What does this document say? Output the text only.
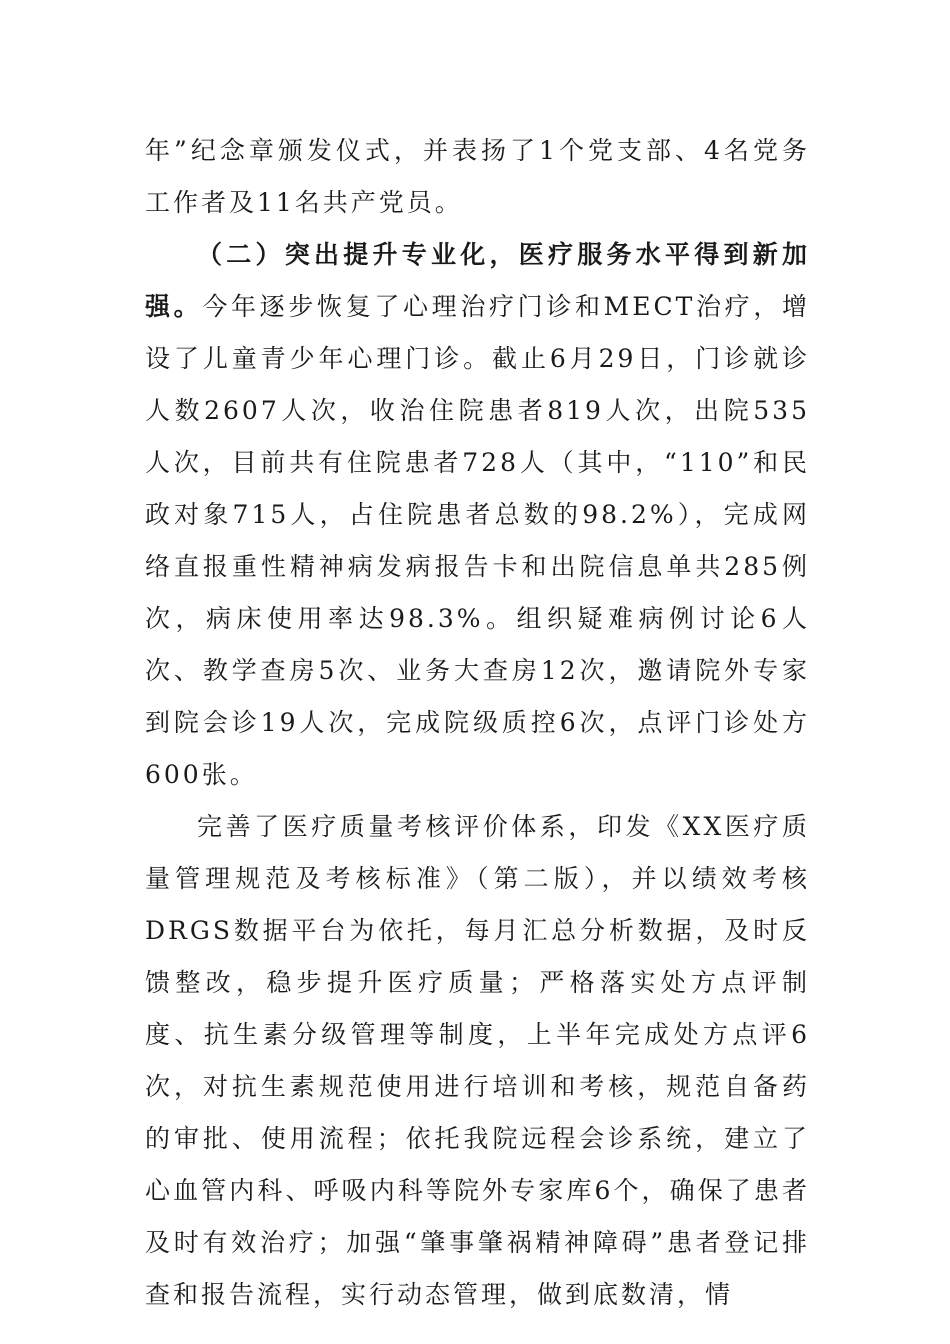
年”纪念章颁发仪式，并表扬了1个党支部、4名党务工作者及11名共产党员。

（二）突出提升专业化，医疗服务水平得到新加强。今年逐步恢复了心理治疗门诊和MECT治疗，增设了儿童青少年心理门诊。截止6月29日，门诊就诊人数2607人次，收治住院患者819人次，出院535人次，目前共有住院患者728人（其中，“110”和民政对象715人，占住院患者总数的98.2%），完成网络直报重性精神病发病报告卡和出院信息单共285例次，病床使用率达98.3%。组织疑难病例讨论6人次、教学查房5次、业务大查房12次，邀请院外专家到院会诊19人次，完成院级质控6次，点评门诊处方600张。

完善了医疗质量考核评价体系，印发《XX医疗质量管理规范及考核标准》（第二版），并以绩效考核DRGS数据平台为依托，每月汇总分析数据，及时反馈整改，稳步提升医疗质量；严格落实处方点评制度、抗生素分级管理等制度，上半年完成处方点评6次，对抗生素规范使用进行培训和考核，规范自备药的审批、使用流程；依托我院远程会诊系统，建立了心血管内科、呼吸内科等院外专家库6个，确保了患者及时有效治疗；加强“肇事肇祸精神障碍”患者登记排查和报告流程，实行动态管理，做到底数清，情
